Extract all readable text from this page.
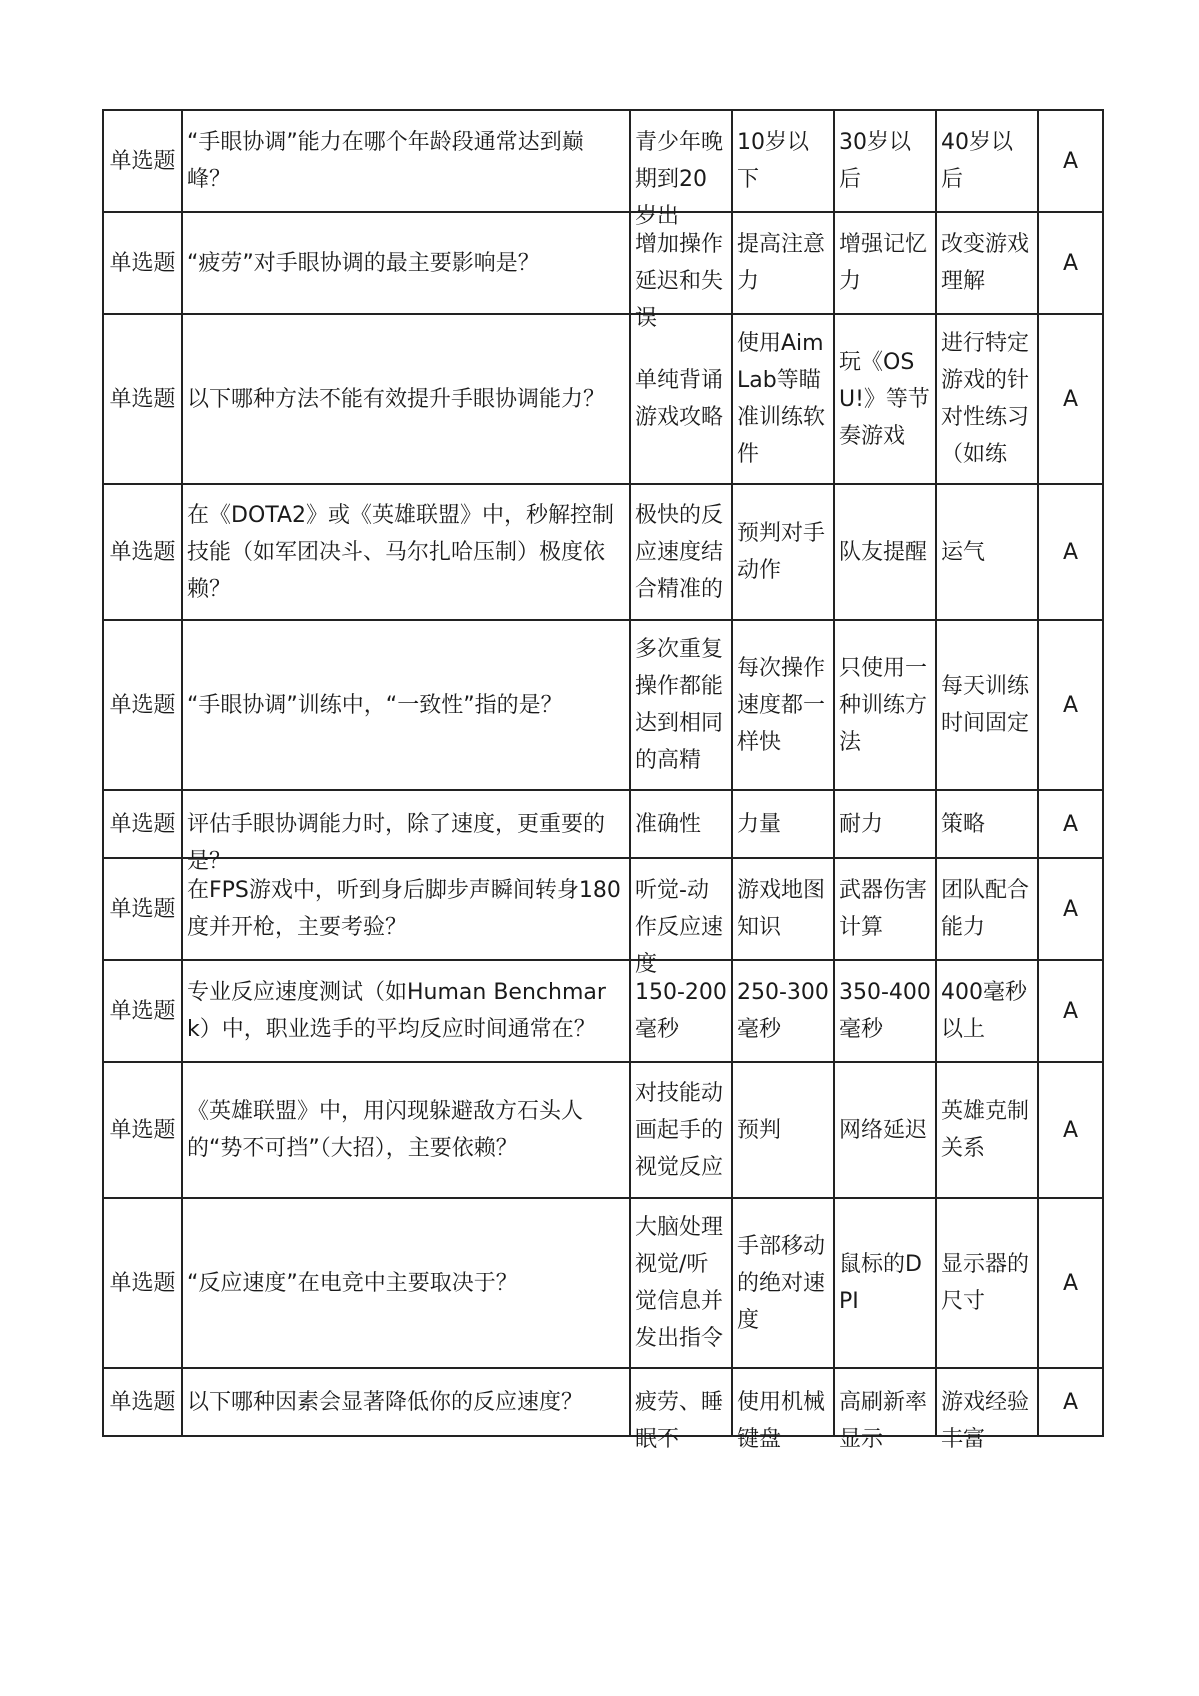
单选题	“手眼协调”能力在哪个年龄段通常达到巅峰？	青少年晚期到20岁出	10岁以下	30岁以后	40岁以后	A

单选题	“疲劳”对手眼协调的最主要影响是？	增加操作延迟和失误	提高注意力	增强记忆力	改变游戏理解	A

单选题	以下哪种方法不能有效提升手眼协调能力？	单纯背诵游戏攻略	使用Aim Lab等瞄准训练软件	玩《OSU!》等节奏游戏	进行特定游戏的针对性练习（如练	A

单选题	在《DOTA2》或《英雄联盟》中，秒解控制技能（如军团决斗、马尔扎哈压制）极度依赖？	极快的反应速度结合精准的	预判对手动作	队友提醒	运气	A

单选题	“手眼协调”训练中，“一致性”指的是？	多次重复操作都能达到相同的高精	每次操作速度都一样快	只使用一种训练方法	每天训练时间固定	A

单选题	评估手眼协调能力时，除了速度，更重要的是？	准确性	力量	耐力	策略	A

单选题	在FPS游戏中，听到身后脚步声瞬间转身180度并开枪，主要考验？	听觉-动作反应速度	游戏地图知识	武器伤害计算	团队配合能力	A

单选题	专业反应速度测试（如Human Benchmark）中，职业选手的平均反应时间通常在？	150-200毫秒	250-300毫秒	350-400毫秒	400毫秒以上	A

单选题	《英雄联盟》中，用闪现躲避敌方石头人的“势不可挡”（大招），主要依赖？	对技能动画起手的视觉反应	预判	网络延迟	英雄克制关系	A

单选题	“反应速度”在电竞中主要取决于？	大脑处理视觉/听觉信息并发出指令	手部移动的绝对速度	鼠标的DPI	显示器的尺寸	A

单选题	以下哪种因素会显著降低你的反应速度？	疲劳、睡眠不	使用机械键盘	高刷新率显示	游戏经验丰富	A
